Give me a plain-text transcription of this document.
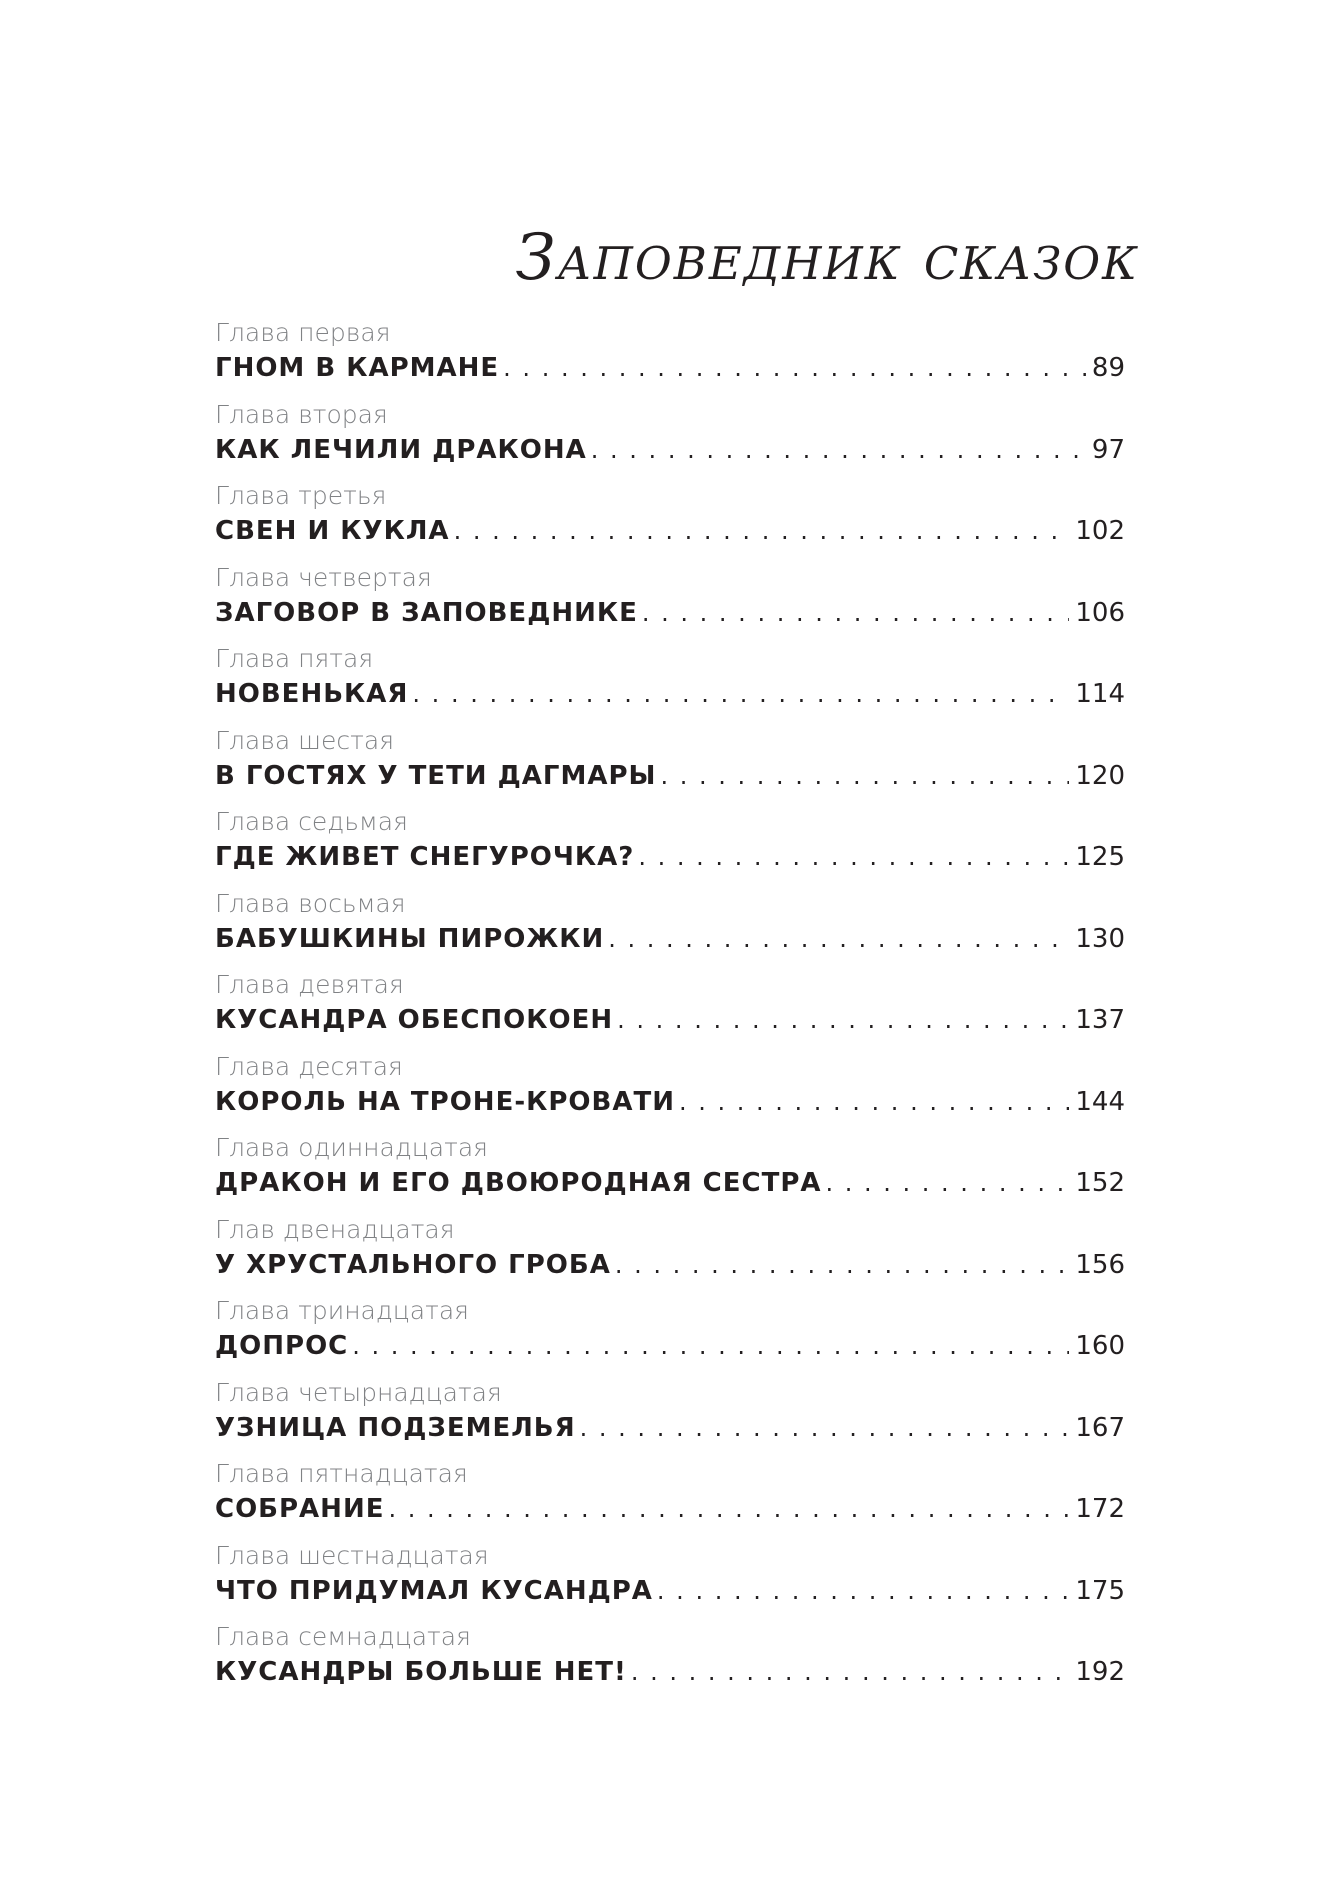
Заповедник сказок
Глава первая
ГНОМ В КАРМАНЕ . . .	89
Глава вторая
КАК ЛЕЧИЛИ ДРАКОНА . . .	97
Глава третья
СВЕН И КУКЛА . . .	102
Глава четвертая
ЗАГОВОР В ЗАПОВЕДНИКЕ . . .	106
Глава пятая
НОВЕНЬКАЯ . . .	114
Глава шестая
В ГОСТЯХ У ТЕТИ ДАГМАРЫ . . .	120
Глава седьмая
ГДЕ ЖИВЕТ СНЕГУРОЧКА? . . .	125
Глава восьмая
БАБУШКИНЫ ПИРОЖКИ . . .	130
Глава девятая
КУСАНДРА ОБЕСПОКОЕН . . .	137
Глава десятая
КОРОЛЬ НА ТРОНЕ-КРОВАТИ . . .	144
Глава одиннадцатая
ДРАКОН И ЕГО ДВОЮРОДНАЯ СЕСТРА . . .	152
Глав двенадцатая
У ХРУСТАЛЬНОГО ГРОБА . . .	156
Глава тринадцатая
ДОПРОС . . .	160
Глава четырнадцатая
УЗНИЦА ПОДЗЕМЕЛЬЯ . . .	167
Глава пятнадцатая
СОБРАНИЕ . . .	172
Глава шестнадцатая
ЧТО ПРИДУМАЛ КУСАНДРА . . .	175
Глава семнадцатая
КУСАНДРЫ БОЛЬШЕ НЕТ! . . .	192
